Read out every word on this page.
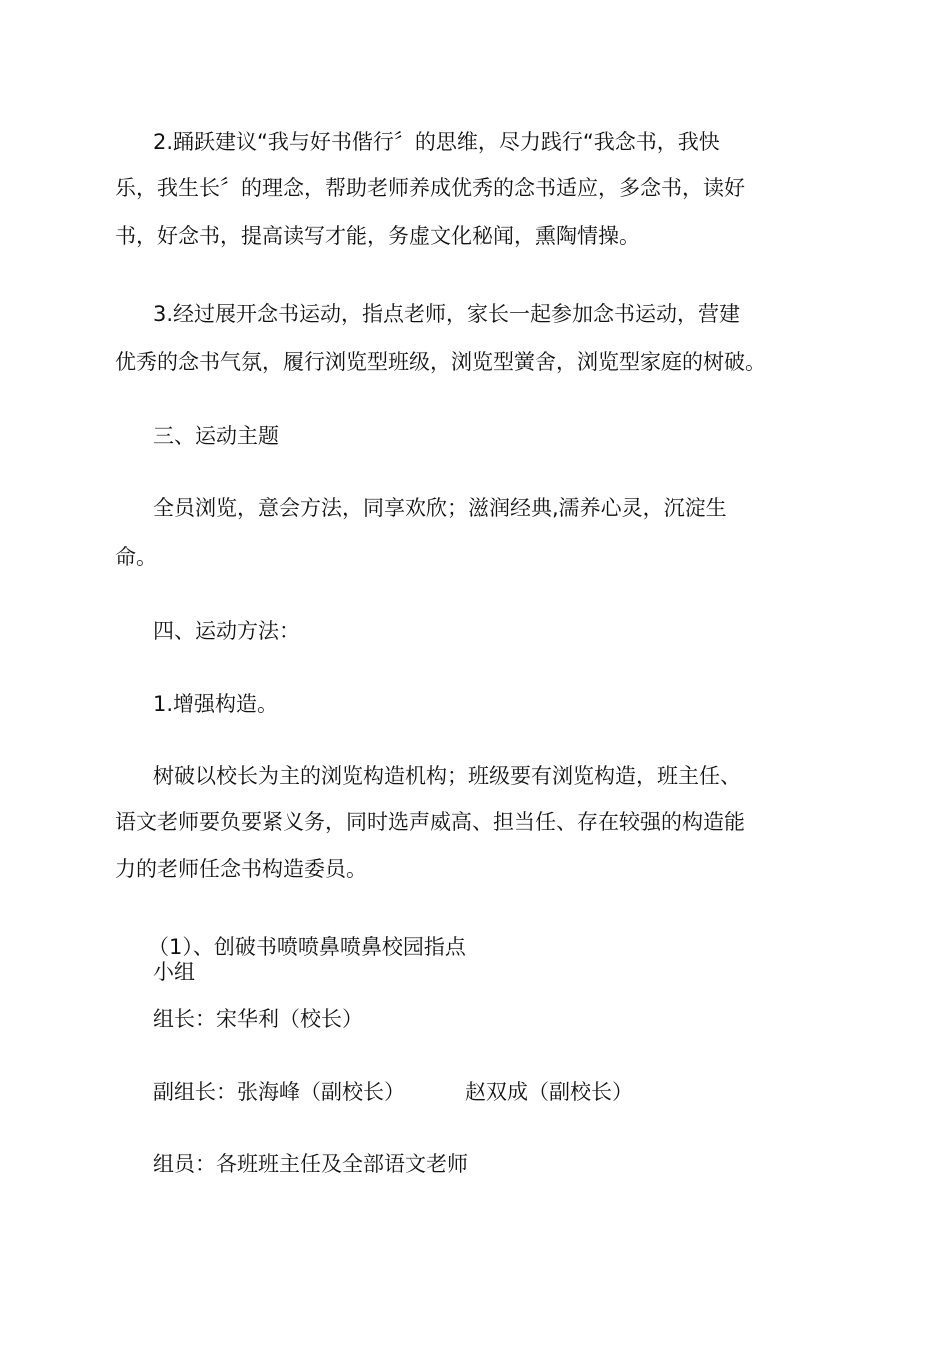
2.踊跃建议“我与好书偕行〞的思维，尽力践行“我念书，我快
乐，我生长〞的理念，帮助老师养成优秀的念书适应，多念书，读好
书，好念书，提高读写才能，务虚文化秘闻，熏陶情操。
3.经过展开念书运动，指点老师，家长一起参加念书运动，营建
优秀的念书气氛，履行浏览型班级，浏览型黉舍，浏览型家庭的树破。
三、运动主题
全员浏览，意会方法，同享欢欣；滋润经典,濡养心灵，沉淀生
命。
四、运动方法：
1.增强构造。
树破以校长为主的浏览构造机构；班级要有浏览构造，班主任、
语文老师要负要紧义务，同时选声威高、担当任、存在较强的构造能
力的老师任念书构造委员。
（1）、创破书喷喷鼻喷鼻校园指点
小组
组长：宋华利（校长）
副组长：张海峰（副校长）	赵双成（副校长）
组员：各班班主任及全部语文老师
